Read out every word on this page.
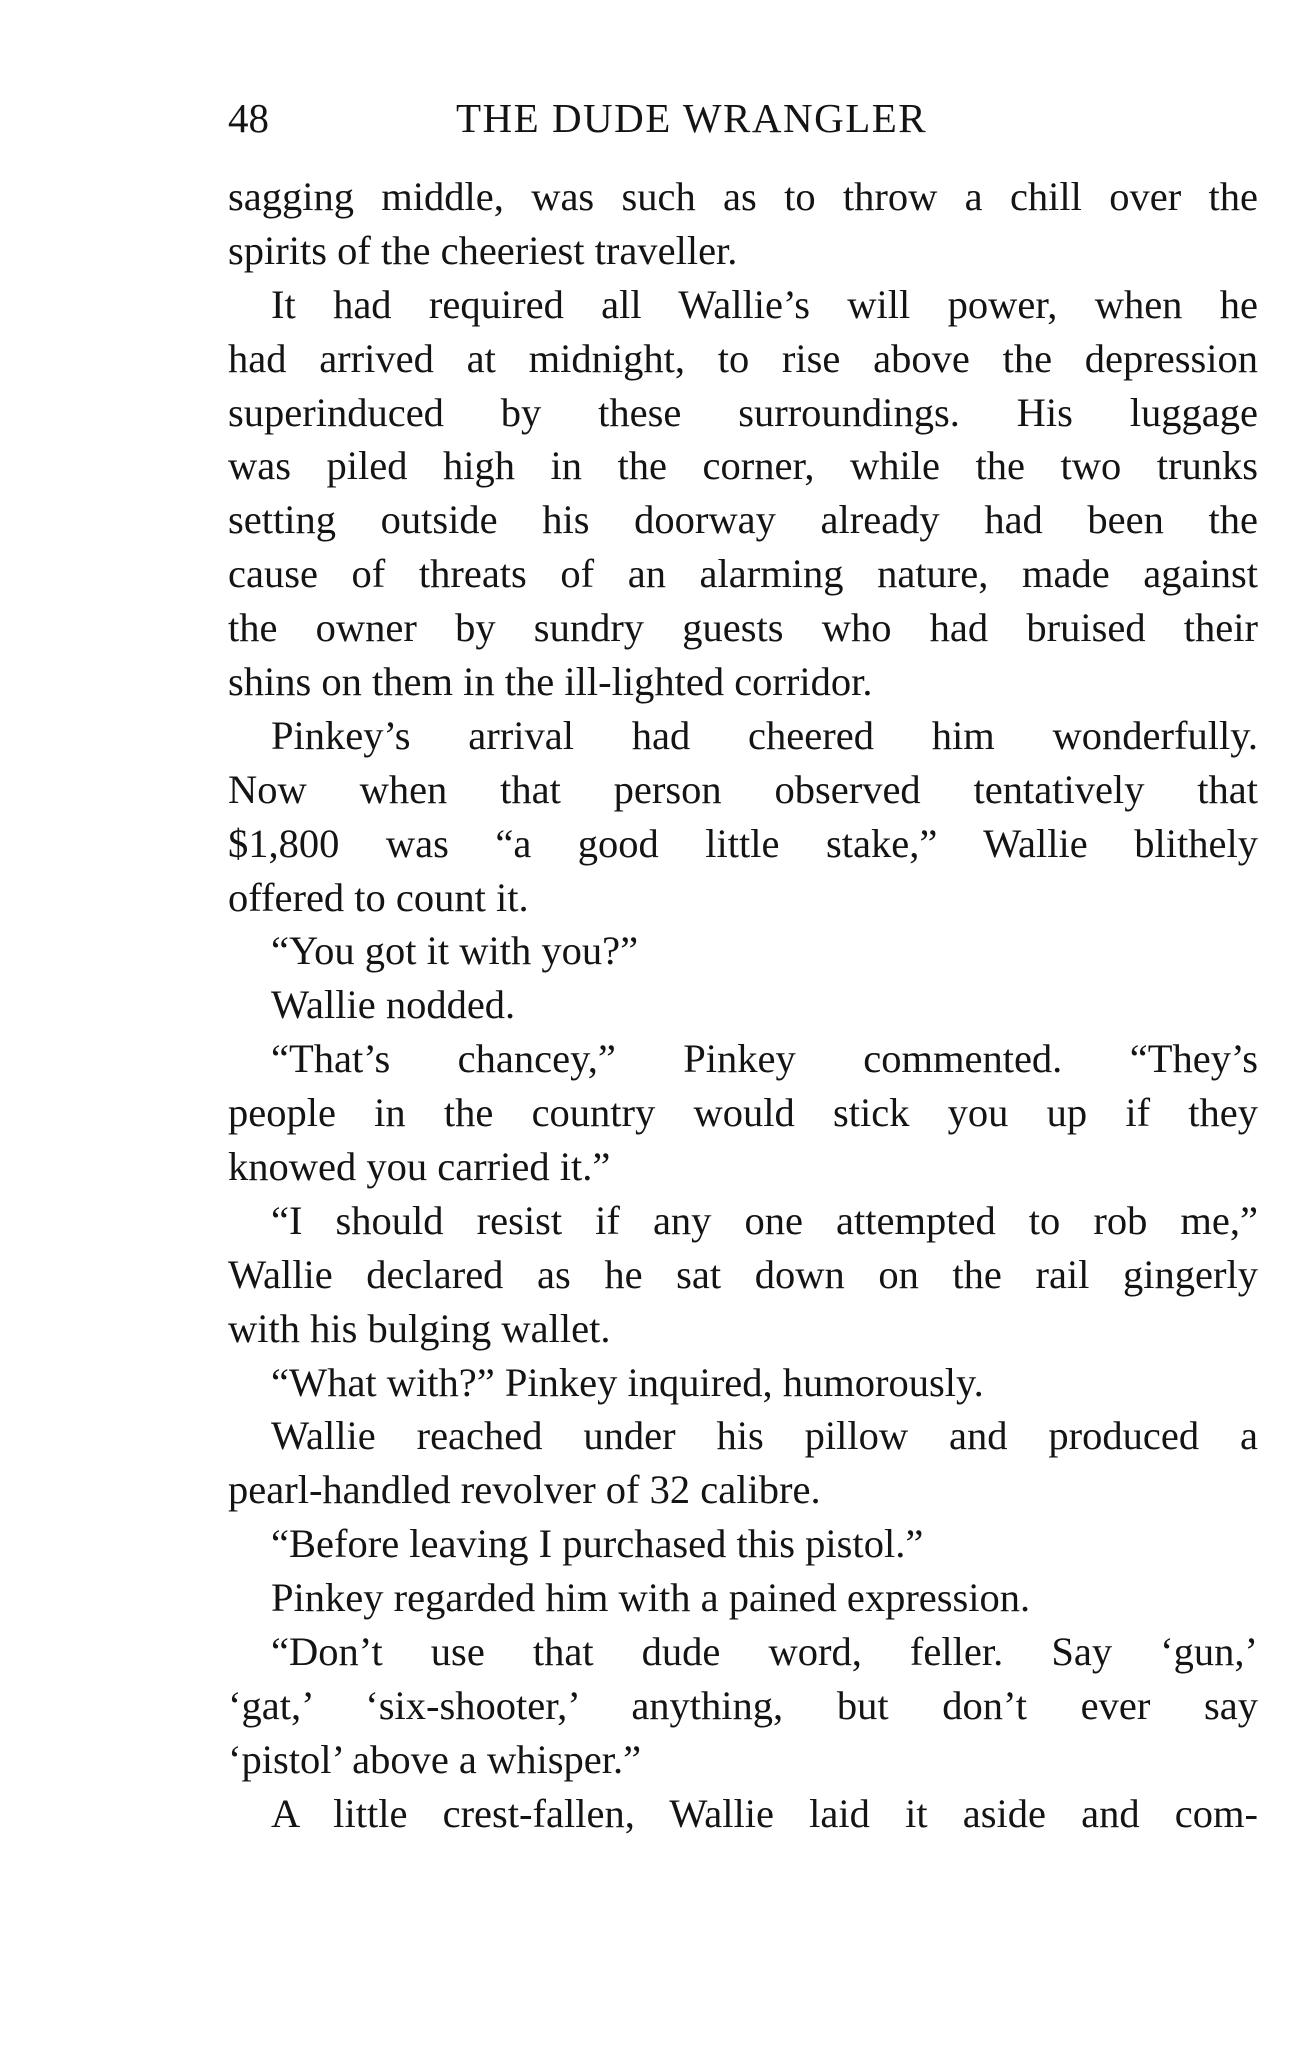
48	THE DUDE WRANGLER
sagging middle, was such as to throw a chill over the
spirits of the cheeriest traveller.
It had required all Wallie’s will power, when he
had arrived at midnight, to rise above the depression
superinduced by these surroundings. His luggage
was piled high in the corner, while the two trunks
setting outside his doorway already had been the
cause of threats of an alarming nature, made against
the owner by sundry guests who had bruised their
shins on them in the ill-lighted corridor.
Pinkey’s arrival had cheered him wonderfully.
Now when that person observed tentatively that
$1,800 was “a good little stake,” Wallie blithely
offered to count it.
“You got it with you?”
Wallie nodded.
“That’s chancey,” Pinkey commented. “They’s
people in the country would stick you up if they
knowed you carried it.”
“I should resist if any one attempted to rob me,”
Wallie declared as he sat down on the rail gingerly
with his bulging wallet.
“What with?” Pinkey inquired, humorously.
Wallie reached under his pillow and produced a
pearl-handled revolver of 32 calibre.
“Before leaving I purchased this pistol.”
Pinkey regarded him with a pained expression.
“Don’t use that dude word, feller. Say ‘gun,’
‘gat,’ ‘six-shooter,’ anything, but don’t ever say
‘pistol’ above a whisper.”
A little crest-fallen, Wallie laid it aside and com-
